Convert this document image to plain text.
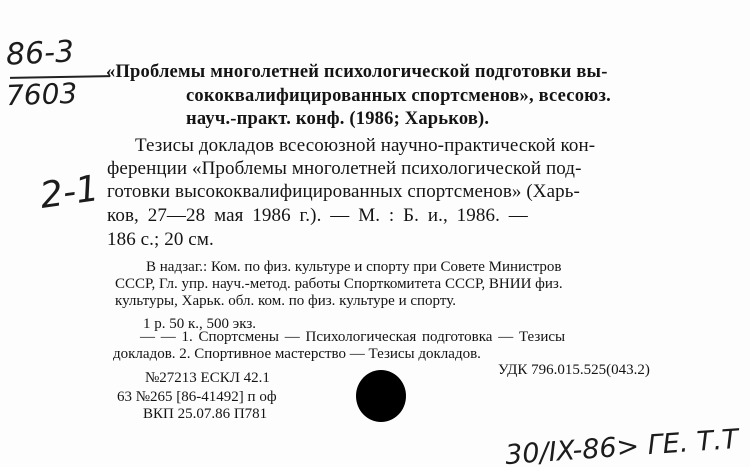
86-3
7603
2-1
30/IX-86> ГЕ. Т.Т
«Проблемы многолетней психологической подготовки вы-
сококвалифицированных спортсменов», всесоюз.
науч.-практ. конф. (1986; Харьков).
Тезисы докладов всесоюзной научно-практической кон-
ференции «Проблемы многолетней психологической под-
готовки высококвалифицированных спортсменов» (Харь-
ков, 27—28 мая 1986 г.). — М. : Б. и., 1986. —
186 с.; 20 см.
В надзаг.: Ком. по физ. культуре и спорту при Совете Министров
СССР, Гл. упр. науч.-метод. работы Спорткомитета СССР, ВНИИ физ.
культуры, Харьк. обл. ком. по физ. культуре и спорту.
1 р. 50 к., 500 экз.
— — 1. Спортсмены — Психологическая подготовка — Тезисы
докладов. 2. Спортивное мастерство — Тезисы докладов.
№27213 ЕСКЛ 42.1	УДК 796.015.525(043.2)
63 №265 [86-41492] п оф
ВКП 25.07.86 П781
